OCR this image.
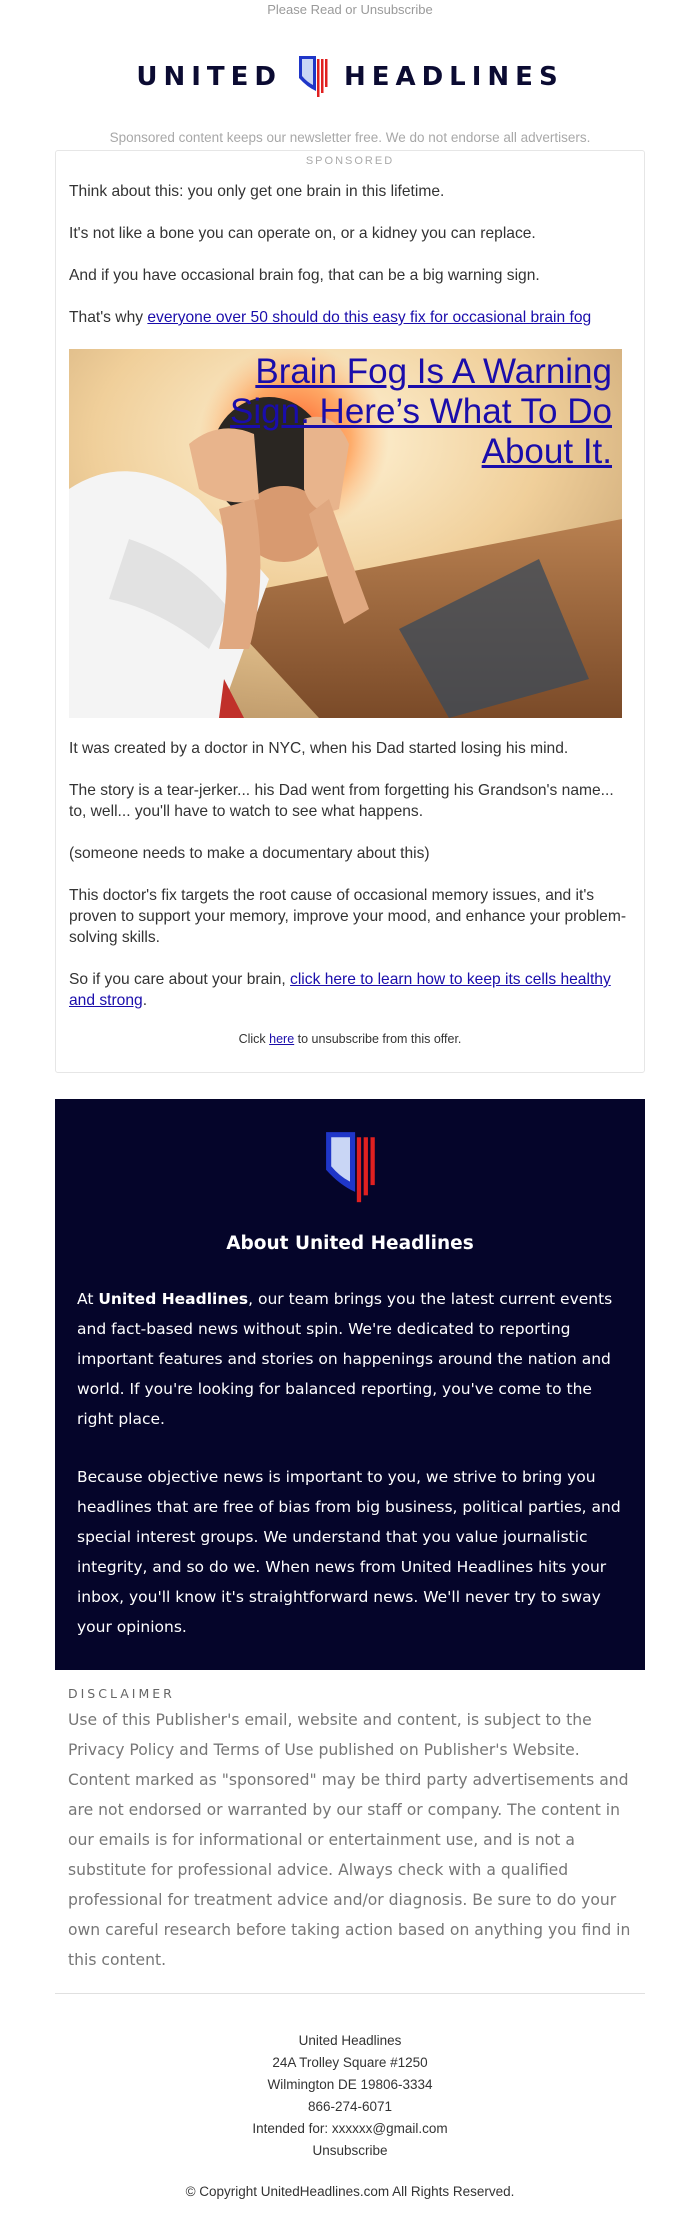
Please Read or Unsubscribe
UNITED HEADLINES
Sponsored content keeps our newsletter free. We do not endorse all advertisers.
SPONSORED

Think about this: you only get one brain in this lifetime.

It's not like a bone you can operate on, or a kidney you can replace.

And if you have occasional brain fog, that can be a big warning sign.

That's why everyone over 50 should do this easy fix for occasional brain fog

Brain Fog Is A Warning Sign. Here’s What To Do About It.

It was created by a doctor in NYC, when his Dad started losing his mind.

The story is a tear-jerker... his Dad went from forgetting his Grandson's name... to, well... you'll have to watch to see what happens.

(someone needs to make a documentary about this)

This doctor's fix targets the root cause of occasional memory issues, and it's proven to support your memory, improve your mood, and enhance your problem-solving skills.

So if you care about your brain, click here to learn how to keep its cells healthy and strong.

Click here to unsubscribe from this offer.
About United Headlines

At United Headlines, our team brings you the latest current events and fact-based news without spin. We're dedicated to reporting important features and stories on happenings around the nation and world. If you're looking for balanced reporting, you've come to the right place.

Because objective news is important to you, we strive to bring you headlines that are free of bias from big business, political parties, and special interest groups. We understand that you value journalistic integrity, and so do we. When news from United Headlines hits your inbox, you'll know it's straightforward news. We'll never try to sway your opinions.

DISCLAIMER
Use of this Publisher's email, website and content, is subject to the Privacy Policy and Terms of Use published on Publisher's Website. Content marked as "sponsored" may be third party advertisements and are not endorsed or warranted by our staff or company. The content in our emails is for informational or entertainment use, and is not a substitute for professional advice. Always check with a qualified professional for treatment advice and/or diagnosis. Be sure to do your own careful research before taking action based on anything you find in this content.
United Headlines
24A Trolley Square #1250
Wilmington DE 19806-3334
866-274-6071
Intended for: xxxxxx@gmail.com
Unsubscribe
© Copyright UnitedHeadlines.com All Rights Reserved.
